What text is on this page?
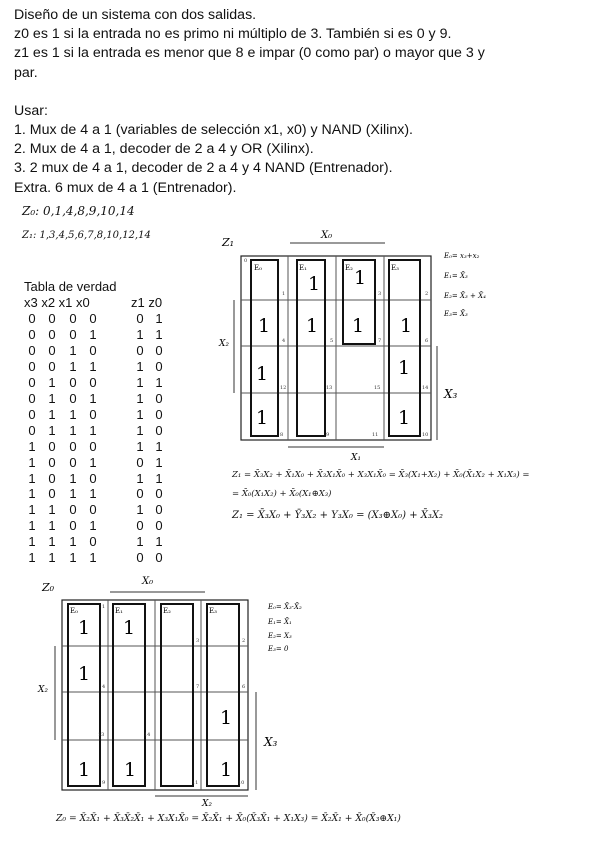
Diseño de un sistema con dos salidas.
z0 es 1 si la entrada no es primo ni múltiplo de 3. También si es 0 y 9.
z1 es 1 si la entrada es menor que 8 e impar (0 como par) o mayor que 3 y
par.
Usar:
1. Mux de 4 a 1 (variables de selección x1, x0) y NAND (Xilinx).
2. Mux de 4 a 1, decoder de 2 a 4 y OR (Xilinx).
3. 2 mux de 4 a 1, decoder de 2 a 4 y 4 NAND (Entrenador).
Extra. 6 mux de 4 a 1 (Entrenador).
Z₀: 0,1,4,8,9,10,14
Z₁: 1,3,4,5,6,7,8,10,12,14
Tabla de verdad
x3 x2 x1 x0	z1 z0
0 0 0 0	0 1
0 0 0 1	1 1
0 0 1 0	0 0
0 0 1 1	1 0
0 1 0 0	1 1
0 1 0 1	1 0
0 1 1 0	1 0
0 1 1 1	1 0
1 0 0 0	1 1
1 0 0 1	0 1
1 0 1 0	1 1
1 0 1 1	0 0
1 1 0 0	1 0
1 1 0 1	0 0
1 1 1 0	1 1
1 1 1 1	0 0
Z₁
X₀
E₀	E₁	E₂	E₃
1 1
1 1 1 1
1	1
1	1
0
1	3	2
4	5	7	6
12	13	15	14
8	9	11	10
X₂
X₃
X₁
E₀= x₃+x₂
E₁= X̄₃
E₂= X̄₃ + X̄₄
E₃= X̄₃
Z₁ = X̄₃X₂ + X̄₁X₀ + X̄₃X₁X̄₀ + X₃X₁X̄₀ = X̄₃(X₁+X₂) + X̄₀(X̄₁X₂ + X₁X₃) =
= X̄₀(X₁X₂) + X̄₀(X₁⊕X₃)
Z₁ = X̄₃X₀ + Ȳ₃X₂ + Y₃X₀ = (X₃⊕X₀) + X̄₃X₂
Z₀	X₀
E₀	E₁	E₂	E₃
1 1
1
1
1 1	1
1
3	2
4	7	6
13	14
9	11	10
X₂
X₃
X₂
E₀= X̄₃·X̄₂
E₁= X̄₁
E₂= X₃
E₃= 0
Z₀ = X̄₂X̄₁ + X̄₃X̄₂X̄₁ + X₃X₁X̄₀ = X̄₂X̄₁ + X̄₀(X̄₃X̄₁ + X₁X₃) = X̄₂X̄₁ + X̄₀(X̄₃⊕X₁)
